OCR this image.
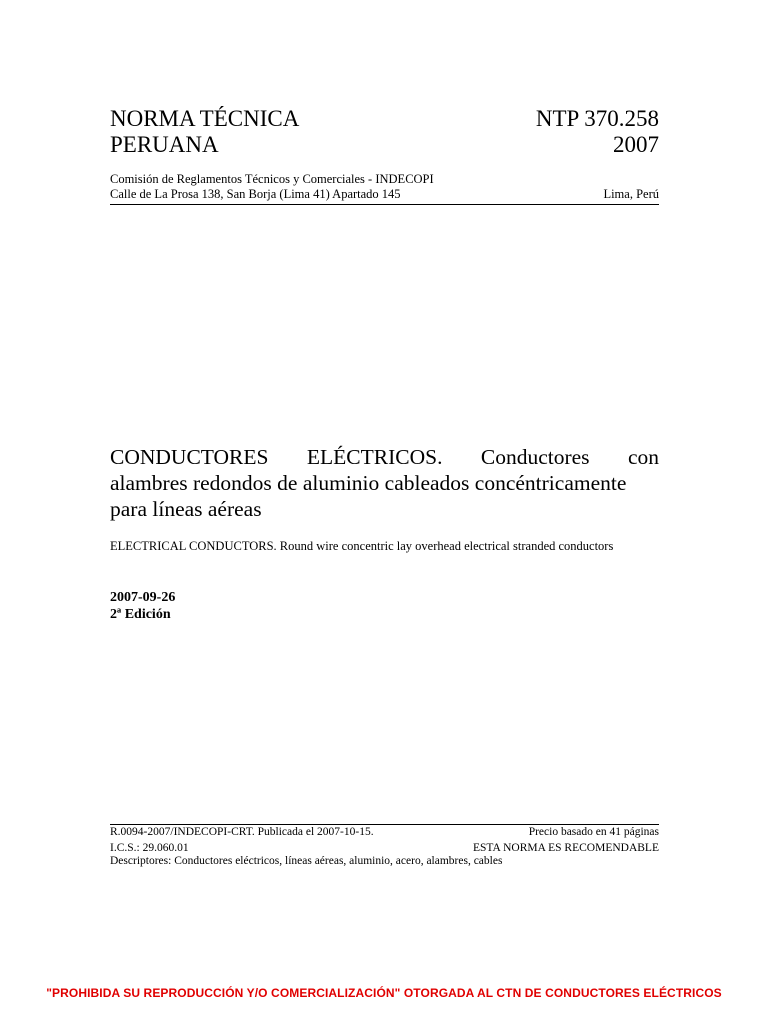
NORMA TÉCNICA	NTP 370.258
PERUANA	2007
Comisión de Reglamentos Técnicos y Comerciales - INDECOPI
Calle de La Prosa 138, San Borja (Lima 41) Apartado 145	Lima, Perú
CONDUCTORES ELÉCTRICOS. Conductores con
alambres redondos de aluminio cableados concéntricamente
para líneas aéreas
ELECTRICAL CONDUCTORS. Round wire concentric lay overhead electrical stranded conductors
2007-09-26
2ª Edición
R.0094-2007/INDECOPI-CRT. Publicada el 2007-10-15.	Precio basado en 41 páginas
I.C.S.: 29.060.01	ESTA NORMA ES RECOMENDABLE
Descriptores: Conductores eléctricos, líneas aéreas, aluminio, acero, alambres, cables
"PROHIBIDA SU REPRODUCCIÓN Y/O COMERCIALIZACIÓN" OTORGADA AL CTN DE CONDUCTORES ELÉCTRICOS
